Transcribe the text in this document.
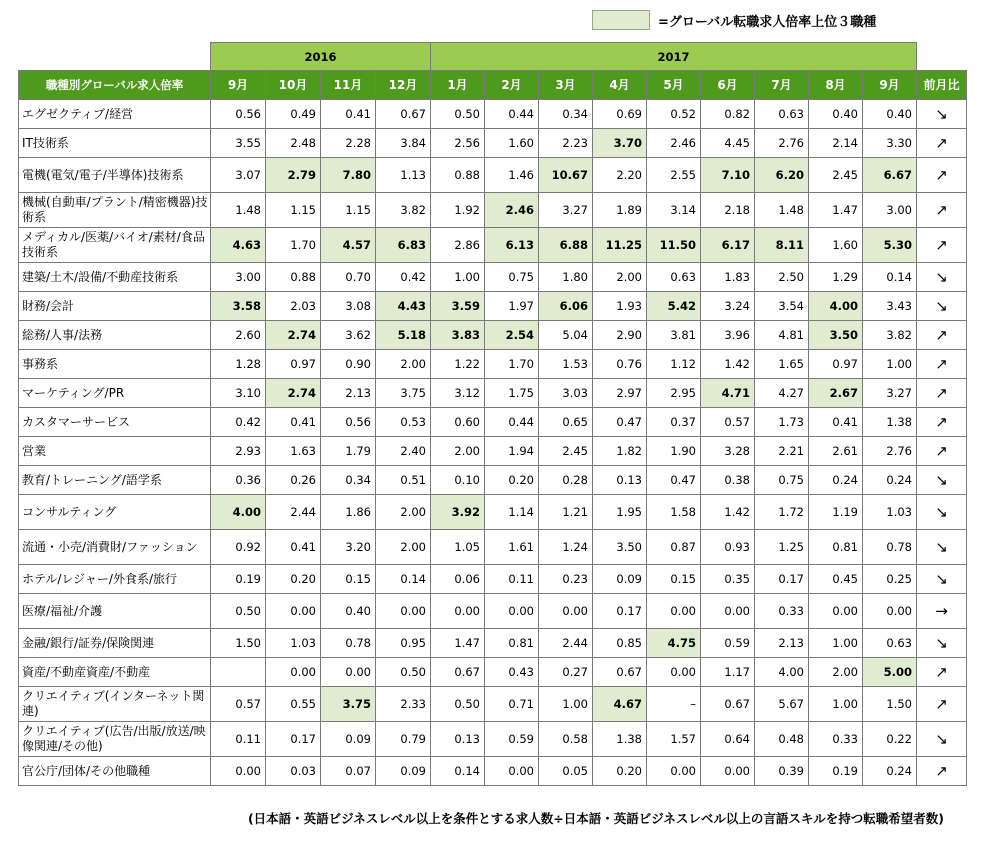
=グローバル転職求人倍率上位３職種
	2016				2017									
職種別グローバル求人倍率	9月	10月	11月	12月	1月	2月	3月	4月	5月	6月	7月	8月	9月	前月比
エグゼクティブ/経営	0.56	0.49	0.41	0.67	0.50	0.44	0.34	0.69	0.52	0.82	0.63	0.40	0.40	↘
IT技術系	3.55	2.48	2.28	3.84	2.56	1.60	2.23	3.70	2.46	4.45	2.76	2.14	3.30	↗
電機(電気/電子/半導体)技術系	3.07	2.79	7.80	1.13	0.88	1.46	10.67	2.20	2.55	7.10	6.20	2.45	6.67	↗
機械(自動車/プラント/精密機器)技術系	1.48	1.15	1.15	3.82	1.92	2.46	3.27	1.89	3.14	2.18	1.48	1.47	3.00	↗
メディカル/医薬/バイオ/素材/食品技術系	4.63	1.70	4.57	6.83	2.86	6.13	6.88	11.25	11.50	6.17	8.11	1.60	5.30	↗
建築/土木/設備/不動産技術系	3.00	0.88	0.70	0.42	1.00	0.75	1.80	2.00	0.63	1.83	2.50	1.29	0.14	↘
財務/会計	3.58	2.03	3.08	4.43	3.59	1.97	6.06	1.93	5.42	3.24	3.54	4.00	3.43	↘
総務/人事/法務	2.60	2.74	3.62	5.18	3.83	2.54	5.04	2.90	3.81	3.96	4.81	3.50	3.82	↗
事務系	1.28	0.97	0.90	2.00	1.22	1.70	1.53	0.76	1.12	1.42	1.65	0.97	1.00	↗
マーケティング/PR	3.10	2.74	2.13	3.75	3.12	1.75	3.03	2.97	2.95	4.71	4.27	2.67	3.27	↗
カスタマーサービス	0.42	0.41	0.56	0.53	0.60	0.44	0.65	0.47	0.37	0.57	1.73	0.41	1.38	↗
営業	2.93	1.63	1.79	2.40	2.00	1.94	2.45	1.82	1.90	3.28	2.21	2.61	2.76	↗
教育/トレーニング/語学系	0.36	0.26	0.34	0.51	0.10	0.20	0.28	0.13	0.47	0.38	0.75	0.24	0.24	↘
コンサルティング	4.00	2.44	1.86	2.00	3.92	1.14	1.21	1.95	1.58	1.42	1.72	1.19	1.03	↘
流通・小売/消費財/ファッション	0.92	0.41	3.20	2.00	1.05	1.61	1.24	3.50	0.87	0.93	1.25	0.81	0.78	↘
ホテル/レジャー/外食系/旅行	0.19	0.20	0.15	0.14	0.06	0.11	0.23	0.09	0.15	0.35	0.17	0.45	0.25	↘
医療/福祉/介護	0.50	0.00	0.40	0.00	0.00	0.00	0.00	0.17	0.00	0.00	0.33	0.00	0.00	→
金融/銀行/証券/保険関連	1.50	1.03	0.78	0.95	1.47	0.81	2.44	0.85	4.75	0.59	2.13	1.00	0.63	↘
資産/不動産資産/不動産		0.00	0.00	0.50	0.67	0.43	0.27	0.67	0.00	1.17	4.00	2.00	5.00	↗
クリエイティブ(インターネット関連)	0.57	0.55	3.75	2.33	0.50	0.71	1.00	4.67	–	0.67	5.67	1.00	1.50	↗
クリエイティブ(広告/出版/放送/映像関連/その他)	0.11	0.17	0.09	0.79	0.13	0.59	0.58	1.38	1.57	0.64	0.48	0.33	0.22	↘
官公庁/団体/その他職種	0.00	0.03	0.07	0.09	0.14	0.00	0.05	0.20	0.00	0.00	0.39	0.19	0.24	↗
(日本語・英語ビジネスレベル以上を条件とする求人数÷日本語・英語ビジネスレベル以上の言語スキルを持つ転職希望者数)
